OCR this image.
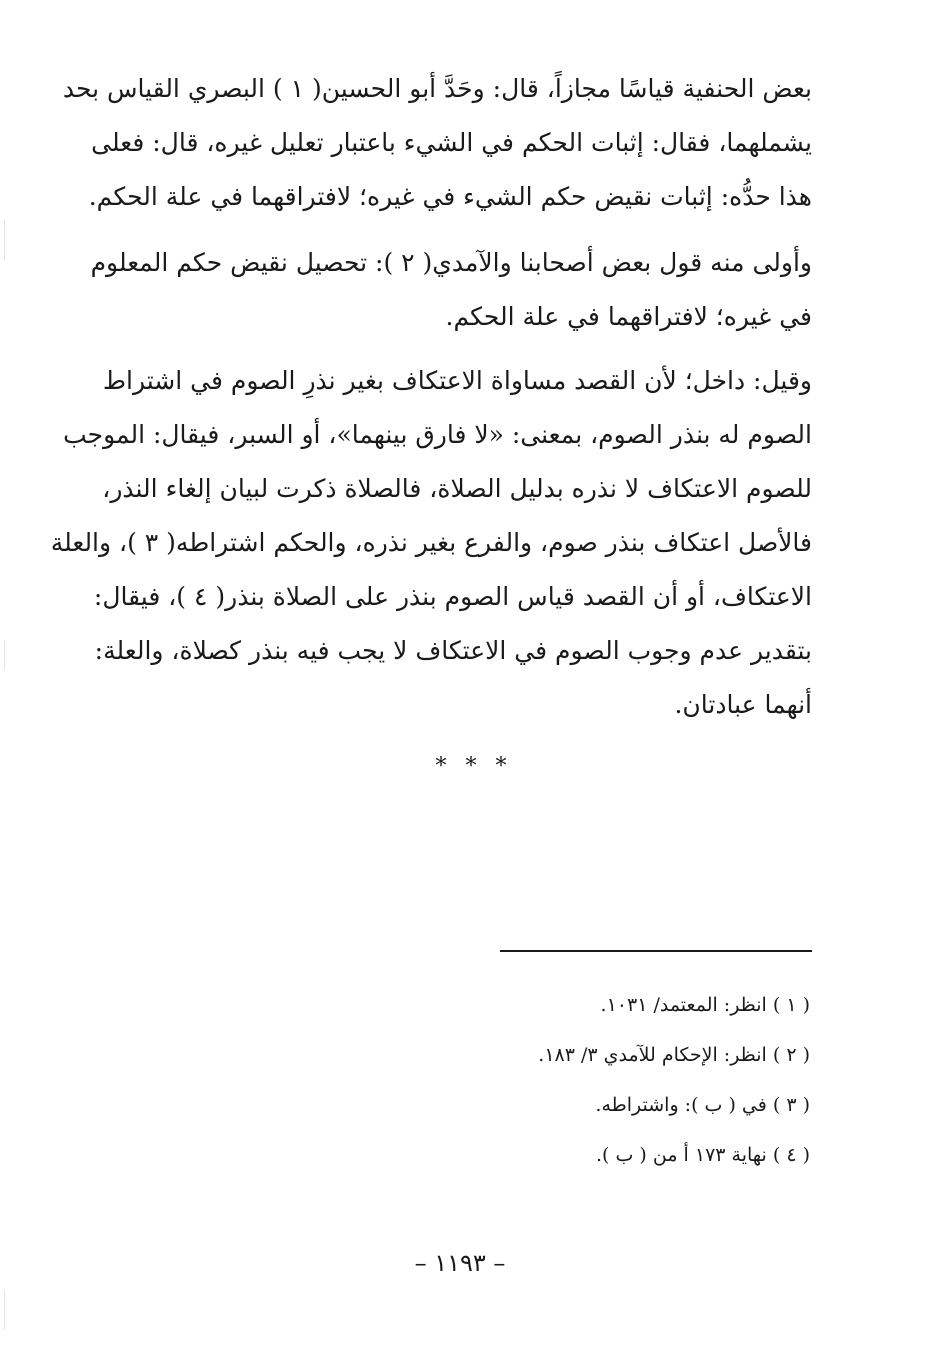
بعض الحنفية قياسًا مجازاً، قال: وحَدَّ أبو الحسين( ١ ) البصري القياس بحد
يشملهما، فقال: إثبات الحكم في الشيء باعتبار تعليل غيره، قال: فعلى
هذا حدُّه: إثبات نقيض حكم الشيء في غيره؛ لافتراقهما في علة الحكم.
وأولى منه قول بعض أصحابنا والآمدي( ٢ ): تحصيل نقيض حكم المعلوم
في غيره؛ لافتراقهما في علة الحكم.
وقيل: داخل؛ لأن القصد مساواة الاعتكاف بغير نذرِ الصوم في اشتراط
الصوم له بنذر الصوم، بمعنى: «لا فارق بينهما»، أو السبر، فيقال: الموجب
للصوم الاعتكاف لا نذره بدليل الصلاة، فالصلاة ذكرت لبيان إلغاء النذر،
فالأصل اعتكاف بنذر صوم، والفرع بغير نذره، والحكم اشتراطه( ٣ )، والعلة
الاعتكاف، أو أن القصد قياس الصوم بنذر على الصلاة بنذر( ٤ )، فيقال:
بتقدير عدم وجوب الصوم في الاعتكاف لا يجب فيه بنذر كصلاة، والعلة:
أنهما عبادتان.
* * *
( ١ ) انظر: المعتمد/ ١٠٣١.
( ٢ ) انظر: الإحكام للآمدي ٣/ ١٨٣.
( ٣ ) في ( ب ): واشتراطه.
( ٤ ) نهاية ١٧٣ أ من ( ب ).
– ١١٩٣ –
